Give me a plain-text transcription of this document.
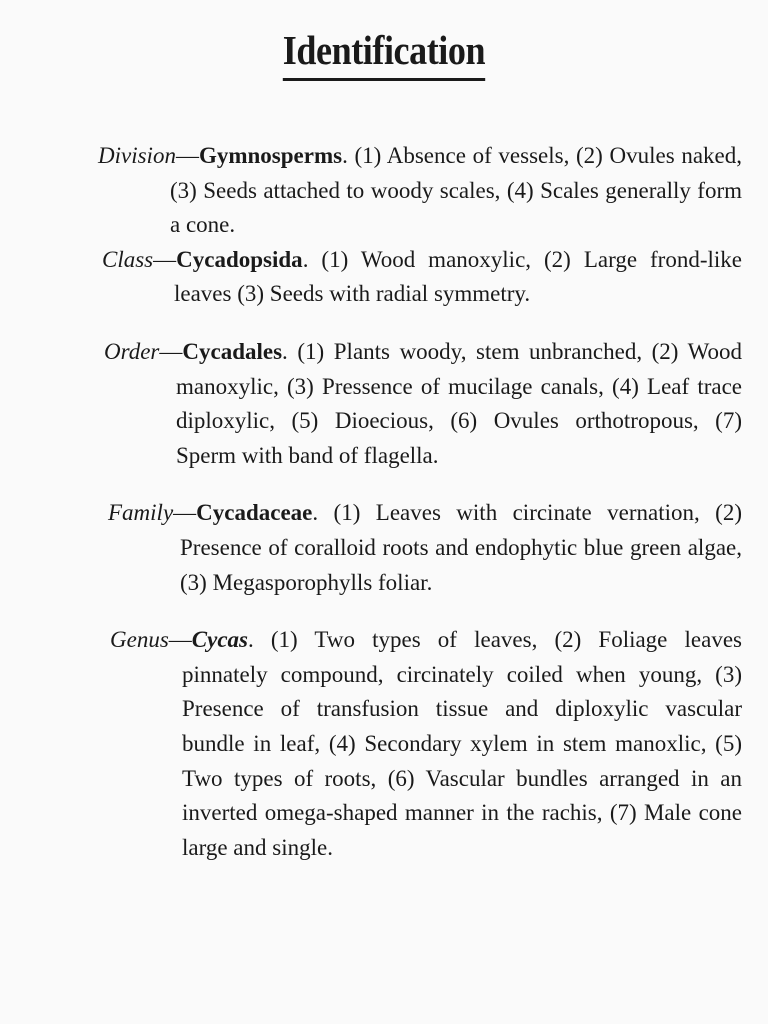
Identification

Division—Gymnosperms. (1) Absence of vessels, (2) Ovules naked, (3) Seeds attached to woody scales, (4) Scales generally form a cone.

Class—Cycadopsida. (1) Wood manoxylic, (2) Large frond-like leaves (3) Seeds with radial symmetry.

Order—Cycadales. (1) Plants woody, stem unbranched, (2) Wood manoxylic, (3) Pressence of mucilage canals, (4) Leaf trace diploxylic, (5) Dioecious, (6) Ovules orthotropous, (7) Sperm with band of flagella.

Family—Cycadaceae. (1) Leaves with circinate vernation, (2) Presence of coralloid roots and endophytic blue green algae, (3) Megasporophylls foliar.

Genus—Cycas. (1) Two types of leaves, (2) Foliage leaves pinnately compound, circinately coiled when young, (3) Presence of transfusion tissue and diploxylic vascular bundle in leaf, (4) Secondary xylem in stem manoxlic, (5) Two types of roots, (6) Vascular bundles arranged in an inverted omega-shaped manner in the rachis, (7) Male cone large and single.
